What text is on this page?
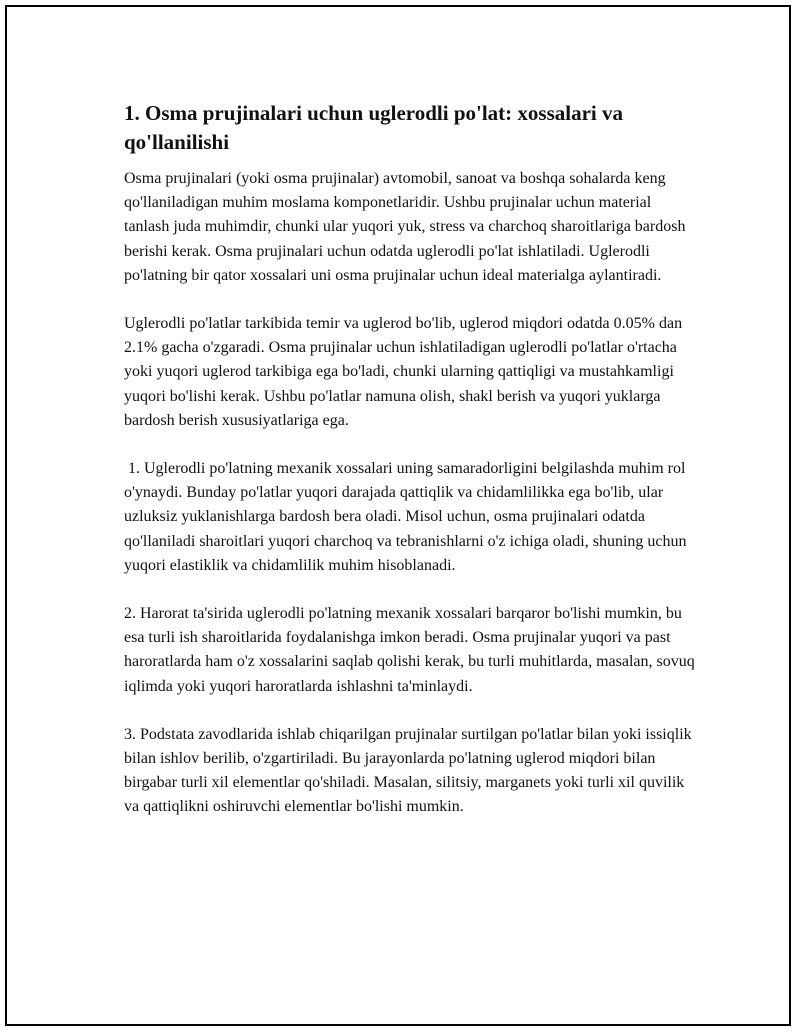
1. Osma prujinalari uchun uglerodli po'lat: xossalari va qo'llanilishi

Osma prujinalari (yoki osma prujinalar) avtomobil, sanoat va boshqa sohalarda keng qo'llaniladigan muhim moslama komponetlaridir. Ushbu prujinalar uchun material tanlash juda muhimdir, chunki ular yuqori yuk, stress va charchoq sharoitlariga bardosh berishi kerak. Osma prujinalari uchun odatda uglerodli po'lat ishlatiladi. Uglerodli po'latning bir qator xossalari uni osma prujinalar uchun ideal materialga aylantiradi.

Uglerodli po'latlar tarkibida temir va uglerod bo'lib, uglerod miqdori odatda 0.05% dan 2.1% gacha o'zgaradi. Osma prujinalar uchun ishlatiladigan uglerodli po'latlar o'rtacha yoki yuqori uglerod tarkibiga ega bo'ladi, chunki ularning qattiqligi va mustahkamligi yuqori bo'lishi kerak. Ushbu po'latlar namuna olish, shakl berish va yuqori yuklarga bardosh berish xususiyatlariga ega.

1. Uglerodli po'latning mexanik xossalari uning samaradorligini belgilashda muhim rol o'ynaydi. Bunday po'latlar yuqori darajada qattiqlik va chidamlilikka ega bo'lib, ular uzluksiz yuklanishlarga bardosh bera oladi. Misol uchun, osma prujinalari odatda qo'llaniladi sharoitlari yuqori charchoq va tebranishlarni o'z ichiga oladi, shuning uchun yuqori elastiklik va chidamlilik muhim hisoblanadi.

2. Harorat ta'sirida uglerodli po'latning mexanik xossalari barqaror bo'lishi mumkin, bu esa turli ish sharoitlarida foydalanishga imkon beradi. Osma prujinalar yuqori va past haroratlarda ham o'z xossalarini saqlab qolishi kerak, bu turli muhitlarda, masalan, sovuq iqlimda yoki yuqori haroratlarda ishlashni ta'minlaydi.

3. Podstata zavodlarida ishlab chiqarilgan prujinalar surtilgan po'latlar bilan yoki issiqlik bilan ishlov berilib, o'zgartiriladi. Bu jarayonlarda po'latning uglerod miqdori bilan birgabar turli xil elementlar qo'shiladi. Masalan, silitsiy, marganets yoki turli xil quvilik va qattiqlikni oshiruvchi elementlar bo'lishi mumkin.
